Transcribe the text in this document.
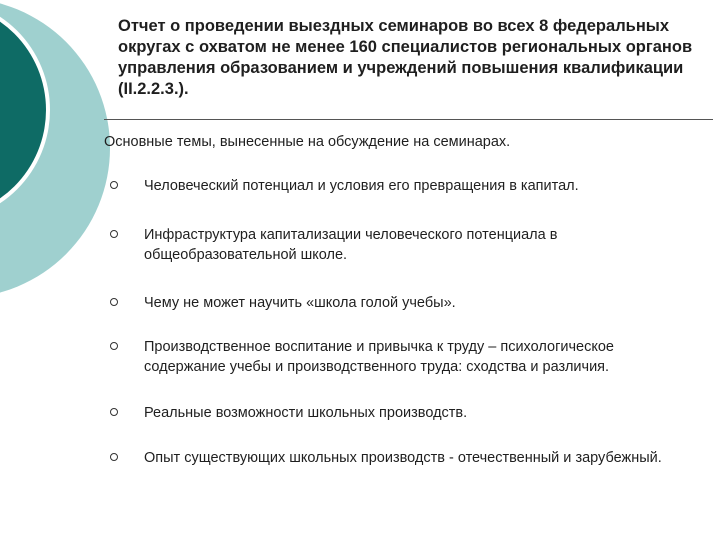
Отчет о проведении выездных семинаров во всех 8 федеральных округах с охватом не менее 160 специалистов региональных органов управления образованием и учреждений повышения квалификации (II.2.2.3.).

Основные темы, вынесенные на обсуждение на семинарах.

Человеческий потенциал и условия его превращения в капитал.
Инфраструктура капитализации человеческого потенциала в общеобразовательной школе.
Чему не может научить «школа голой учебы».
Производственное воспитание и привычка к труду – психологическое содержание учебы и производственного труда: сходства и различия.
Реальные возможности школьных производств.
Опыт существующих школьных производств - отечественный и зарубежный.
